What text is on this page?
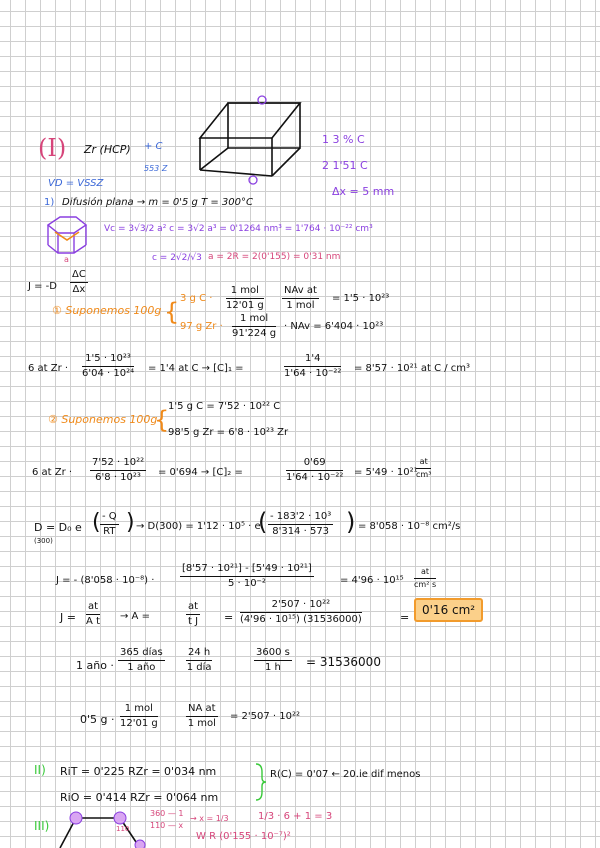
(I) Zr (HCP) + C
553 Z
VD = VSSZ
1 3 % C
2 1'51 C
Δx = 5 mm
1) Difusión plana → m = 0'5 g T = 300°C
Vc = 3√3/2 a² c = 3√2 a³ = 0'1264 nm³ = 1'764 · 10⁻²² cm³
c = 2√2/√3 a = 2R = 2(0'155) = 0'31 nm
a
$J = -D \frac{\Delta C}{\Delta x}$
① Suponemos 100g { 3 g C ·
1 mol
12'01 g
NAv at
1 mol
= 1'5 · 10²³
97 g Zr ·
1 mol
91'224 g
· NAv = 6'404 · 10²³
6 at $Zr \cdot \frac{\text{1'5 · 10²³}}{\text{6'04 · 10²⁴}} = 1'4$ at C → [C]₁ =	$\frac{1'4}{\text{1'64 · 10⁻²²}} = 8'57 \cdot 10^{21}$ at C / cm³
② Suponemos 100g
{
1'5 g C = 7'52 · 10²² C
98'5 g Zr = 6'8 · 10²³ Zr
6 at $Zr \cdot \frac{\text{7'52 · 10²²}}{\text{6'8 · 10²³}} = 0'694 \to [C]_2$ =	$\frac{0'69}{\text{1'64 · 10⁻²²}} = 5'49 \cdot 10^{21}$
$\frac{at}{\text{cm³}}$
D = D₀ e
(300)
( $\frac{- Q}{RT}$ ) → D(300) = 1'12 · 10⁵ · e
( $\frac{\text{- 183'2 · 10³}}{8'314 \cdot 573}$ ) = 8'058 · 10⁻⁸ cm²/s
J = - (8'058 · 10⁻⁸) ·	$\frac{\text{[8'57 · 10²¹] - [5'49 · 10²¹]}}{\text{5 · 10⁻²}}$	= $4'96 \cdot 10^{15} \frac{at}{\text{cm² s}}$
$J = \frac{at}{\text{A t}} \to A$ =	$\frac{at}{\text{t J}} = \frac{\text{2'507 · 10²²}}{\text{(4'96 · 10¹⁵) (31536000)}}$	=
0'16 cm²
1 año ·
365 días
1 año
24 h
1 día	$\frac{3600 s}{1 h} = 31536000$
0'5 g ·
1 mol
12'01 g
NA at
1 mol
= 2'507 · 10²²
II) RiT = 0'225 RZr = 0'034 nm
RiO = 0'414 RZr = 0'064 nm
R(C) = 0'07 ← 20.ie dif menos
III)
360 — 1
110 — x
→ x = 1/3
110
1/3 · 6 + 1 = 3
W R (0'155 · 10⁻⁷)²
